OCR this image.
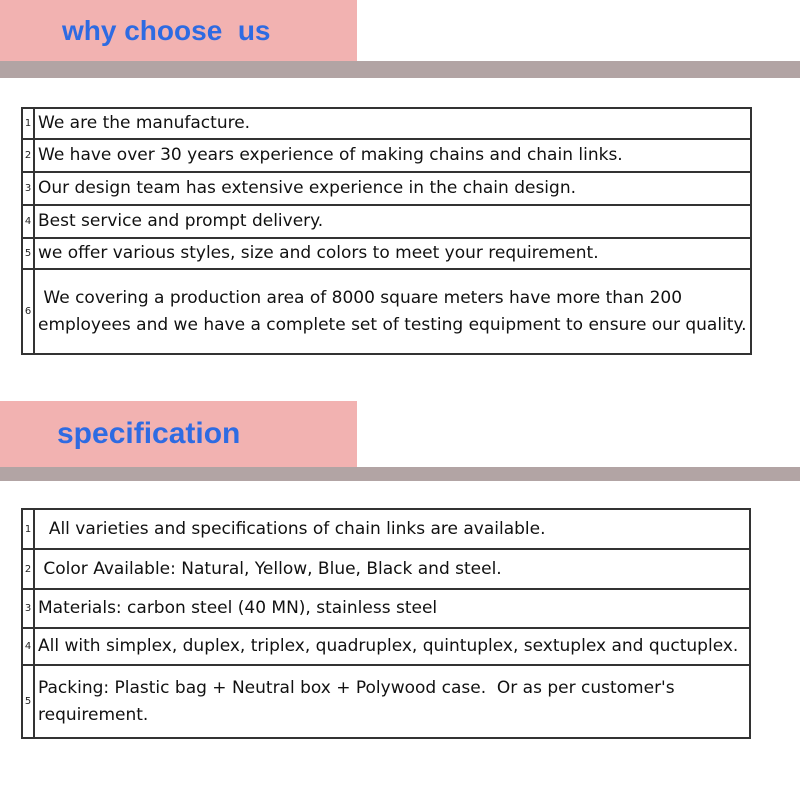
why choose  us
1 We are the manufacture.
2 We have over 30 years experience of making chains and chain links.
3 Our design team has extensive experience in the chain design.
4 Best service and prompt delivery.
5 we offer various styles, size and colors to meet your requirement.
6
We covering a production area of 8000 square meters have more than 200 employees and we have a complete set of testing equipment to ensure our quality.
specification
1 All varieties and specifications of chain links are available.
2 Color Available: Natural, Yellow, Blue, Black and steel.
3 Materials: carbon steel (40 MN), stainless steel
4 All with simplex, duplex, triplex, quadruplex, quintuplex, sextuplex and quctuplex.
5
Packing: Plastic bag + Neutral box + Polywood case.  Or as per customer's requirement.
